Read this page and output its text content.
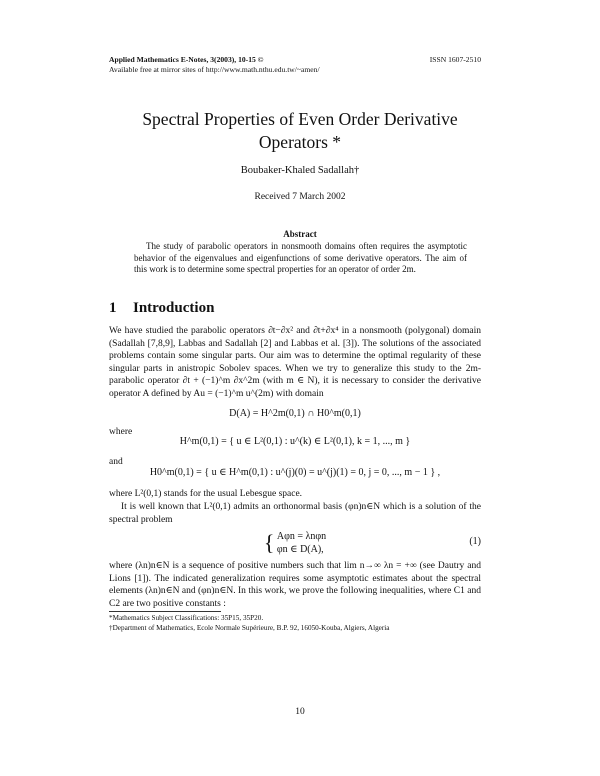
Applied Mathematics E-Notes, 3(2003), 10-15 ©
Available free at mirror sites of http://www.math.nthu.edu.tw/~amen/
ISSN 1607-2510
Spectral Properties of Even Order Derivative
Operators *
Boubaker-Khaled Sadallah†
Received 7 March 2002
Abstract
The study of parabolic operators in nonsmooth domains often requires the asymptotic behavior of the eigenvalues and eigenfunctions of some derivative operators. The aim of this work is to determine some spectral properties for an operator of order 2m.
1 Introduction
We have studied the parabolic operators ∂t−∂x² and ∂t+∂x⁴ in a nonsmooth (polygonal) domain (Sadallah [7,8,9], Labbas and Sadallah [2] and Labbas et al. [3]). The solutions of the associated problems contain some singular parts. Our aim was to determine the optimal regularity of these singular parts in anistropic Sobolev spaces. When we try to generalize this study to the 2m-parabolic operator ∂t + (−1)^m ∂x^2m (with m ∈ N), it is necessary to consider the derivative operator A defined by Au = (−1)^m u^(2m) with domain
D(A) = H^2m(0,1) ∩ H0^m(0,1)
where
H^m(0,1) = { u ∈ L²(0,1) : u^(k) ∈ L²(0,1), k = 1, ..., m }
and
H0^m(0,1) = { u ∈ H^m(0,1) : u^(j)(0) = u^(j)(1) = 0, j = 0, ..., m − 1 } ,
where L²(0,1) stands for the usual Lebesgue space.
It is well known that L²(0,1) admits an orthonormal basis (φn)n∈N which is a solution of the spectral problem
{ Aφn = λnφn
φn ∈ D(A),
(1)
where (λn)n∈N is a sequence of positive numbers such that lim n→∞ λn = +∞ (see Dautry and Lions [1]). The indicated generalization requires some asymptotic estimates about the spectral elements (λn)n∈N and (φn)n∈N. In this work, we prove the following inequalities, where C1 and C2 are two positive constants :
*Mathematics Subject Classifications: 35P15, 35P20.
†Department of Mathematics, Ecole Normale Supérieure, B.P. 92, 16050-Kouba, Algiers, Algeria
10
